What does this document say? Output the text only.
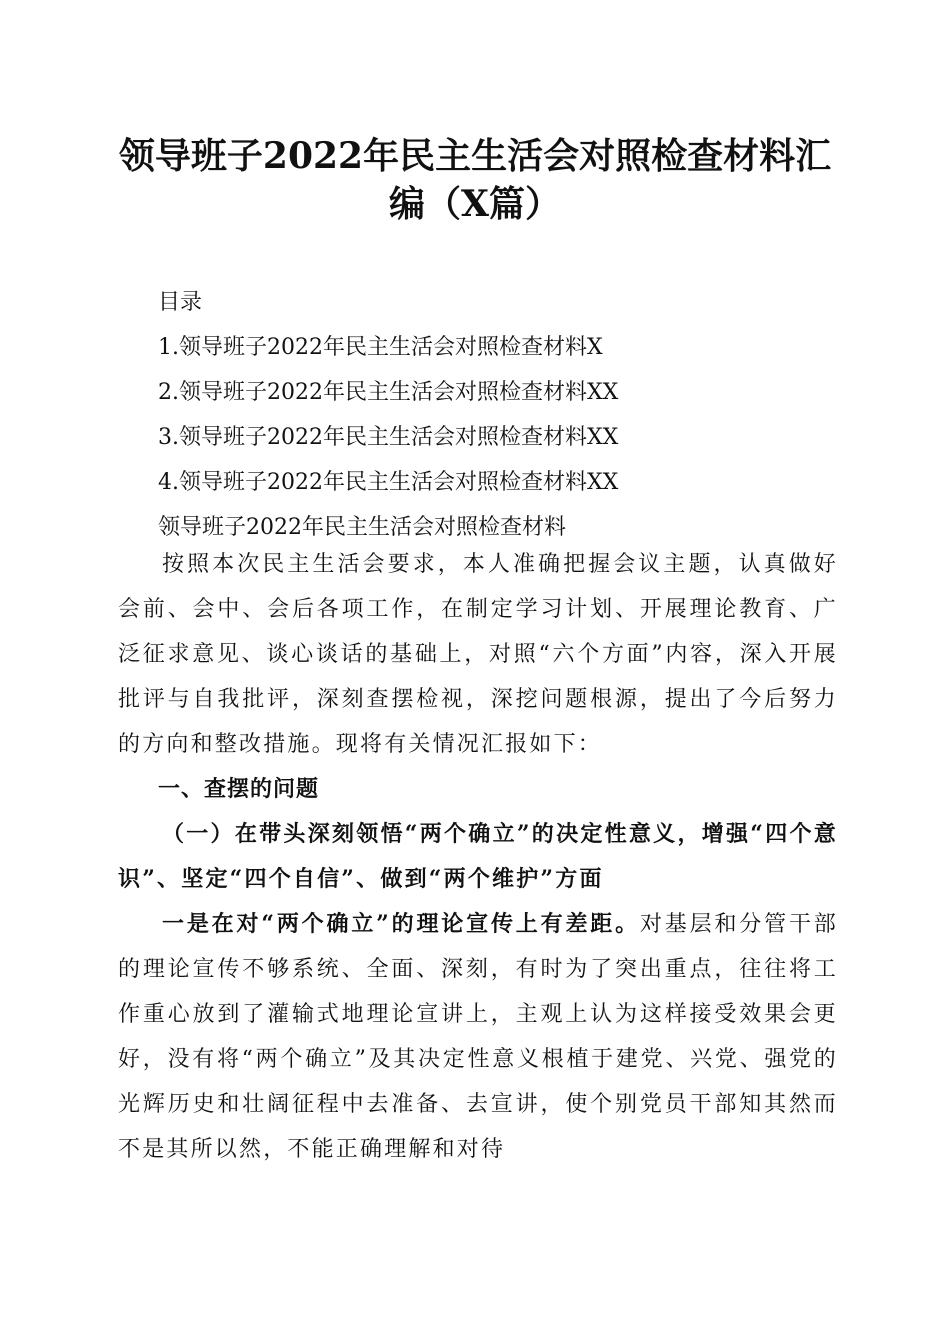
领导班子2022年民主生活会对照检查材料汇
编（X篇）
目录
1.领导班子2022年民主生活会对照检查材料X
2.领导班子2022年民主生活会对照检查材料XX
3.领导班子2022年民主生活会对照检查材料XX
4.领导班子2022年民主生活会对照检查材料XX
领导班子2022年民主生活会对照检查材料
按照本次民主生活会要求，本人准确把握会议主题，认真做好会前、会中、会后各项工作，在制定学习计划、开展理论教育、广泛征求意见、谈心谈话的基础上，对照“六个方面”内容，深入开展批评与自我批评，深刻查摆检视，深挖问题根源，提出了今后努力的方向和整改措施。现将有关情况汇报如下：
一、查摆的问题
（一）在带头深刻领悟“两个确立”的决定性意义，增强“四个意识”、坚定“四个自信”、做到“两个维护”方面
一是在对“两个确立”的理论宣传上有差距。对基层和分管干部的理论宣传不够系统、全面、深刻，有时为了突出重点，往往将工作重心放到了灌输式地理论宣讲上，主观上认为这样接受效果会更好，没有将“两个确立”及其决定性意义根植于建党、兴党、强党的光辉历史和壮阔征程中去准备、去宣讲，使个别党员干部知其然而不是其所以然，不能正确理解和对待
